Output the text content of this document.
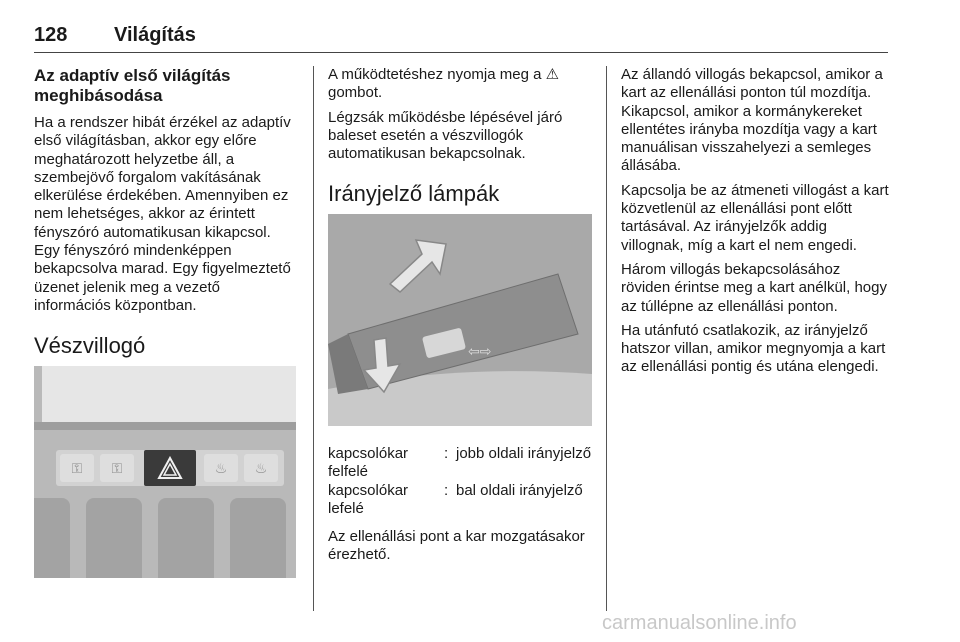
128 Világítás
Az adaptív első világítás meghibásodása

Ha a rendszer hibát érzékel az adaptív első világításban, akkor egy előre meghatározott helyzetbe áll, a szembejövő forgalom vakításának elkerülése érdekében. Amennyiben ez nem lehetséges, akkor az érintett fényszóró automatikusan kikapcsol. Egy fényszóró mindenképpen bekapcsolva marad. Egy figyelmeztető üzenet jelenik meg a vezető információs központban.

Vészvillogó
⚿	⚿	♨	♨

A működtetéshez nyomja meg a ⚠
gombot.

Légzsák működésbe lépésével járó baleset esetén a vészvillogók automatikusan bekapcsolnak.

Irányjelző lámpák
⇦⇨
kapcsolókar felfelé
: jobb oldali irányjelző
kapcsolókar lefelé
: bal oldali irányjelző

Az ellenállási pont a kar mozgatásakor érezhető.

Az állandó villogás bekapcsol, amikor a kart az ellenállási ponton túl mozdítja. Kikapcsol, amikor a kormánykereket ellentétes irányba mozdítja vagy a kart manuálisan visszahelyezi a semleges állásába.

Kapcsolja be az átmeneti villogást a kart közvetlenül az ellenállási pont előtt tartásával. Az irányjelzők addig villognak, míg a kart el nem engedi.

Három villogás bekapcsolásához röviden érintse meg a kart anélkül, hogy az túllépne az ellenállási ponton.

Ha utánfutó csatlakozik, az irányjelző hatszor villan, amikor megnyomja a kart az ellenállási pontig és utána elengedi.

carmanualsonline.info
